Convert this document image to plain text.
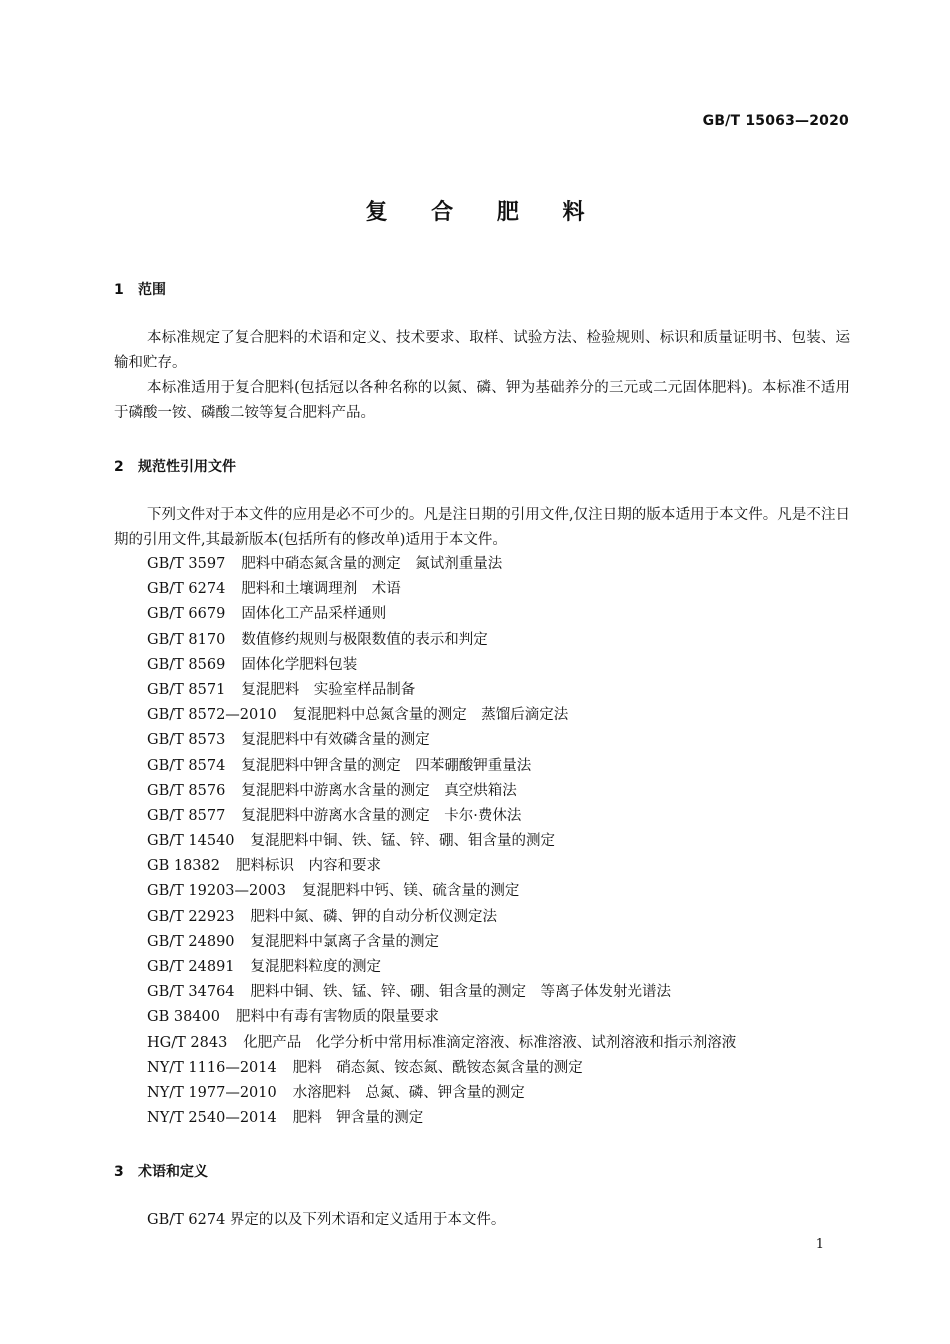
GB/T 15063—2020
复 合 肥 料
1 范围

本标准规定了复合肥料的术语和定义、技术要求、取样、试验方法、检验规则、标识和质量证明书、包装、运输和贮存。

本标准适用于复合肥料(包括冠以各种名称的以氮、磷、钾为基础养分的三元或二元固体肥料)。本标准不适用于磷酸一铵、磷酸二铵等复合肥料产品。

2 规范性引用文件

下列文件对于本文件的应用是必不可少的。凡是注日期的引用文件,仅注日期的版本适用于本文件。凡是不注日期的引用文件,其最新版本(包括所有的修改单)适用于本文件。

GB/T 3597 肥料中硝态氮含量的测定　氮试剂重量法
GB/T 6274 肥料和土壤调理剂　术语
GB/T 6679 固体化工产品采样通则
GB/T 8170 数值修约规则与极限数值的表示和判定
GB/T 8569 固体化学肥料包装
GB/T 8571 复混肥料　实验室样品制备
GB/T 8572—2010 复混肥料中总氮含量的测定　蒸馏后滴定法
GB/T 8573 复混肥料中有效磷含量的测定
GB/T 8574 复混肥料中钾含量的测定　四苯硼酸钾重量法
GB/T 8576 复混肥料中游离水含量的测定　真空烘箱法
GB/T 8577 复混肥料中游离水含量的测定　卡尔·费休法
GB/T 14540 复混肥料中铜、铁、锰、锌、硼、钼含量的测定
GB 18382 肥料标识　内容和要求
GB/T 19203—2003 复混肥料中钙、镁、硫含量的测定
GB/T 22923 肥料中氮、磷、钾的自动分析仪测定法
GB/T 24890 复混肥料中氯离子含量的测定
GB/T 24891 复混肥料粒度的测定
GB/T 34764 肥料中铜、铁、锰、锌、硼、钼含量的测定　等离子体发射光谱法
GB 38400 肥料中有毒有害物质的限量要求
HG/T 2843 化肥产品　化学分析中常用标准滴定溶液、标准溶液、试剂溶液和指示剂溶液
NY/T 1116—2014 肥料　硝态氮、铵态氮、酰铵态氮含量的测定
NY/T 1977—2010 水溶肥料　总氮、磷、钾含量的测定
NY/T 2540—2014 肥料　钾含量的测定
3 术语和定义

GB/T 6274 界定的以及下列术语和定义适用于本文件。

1
